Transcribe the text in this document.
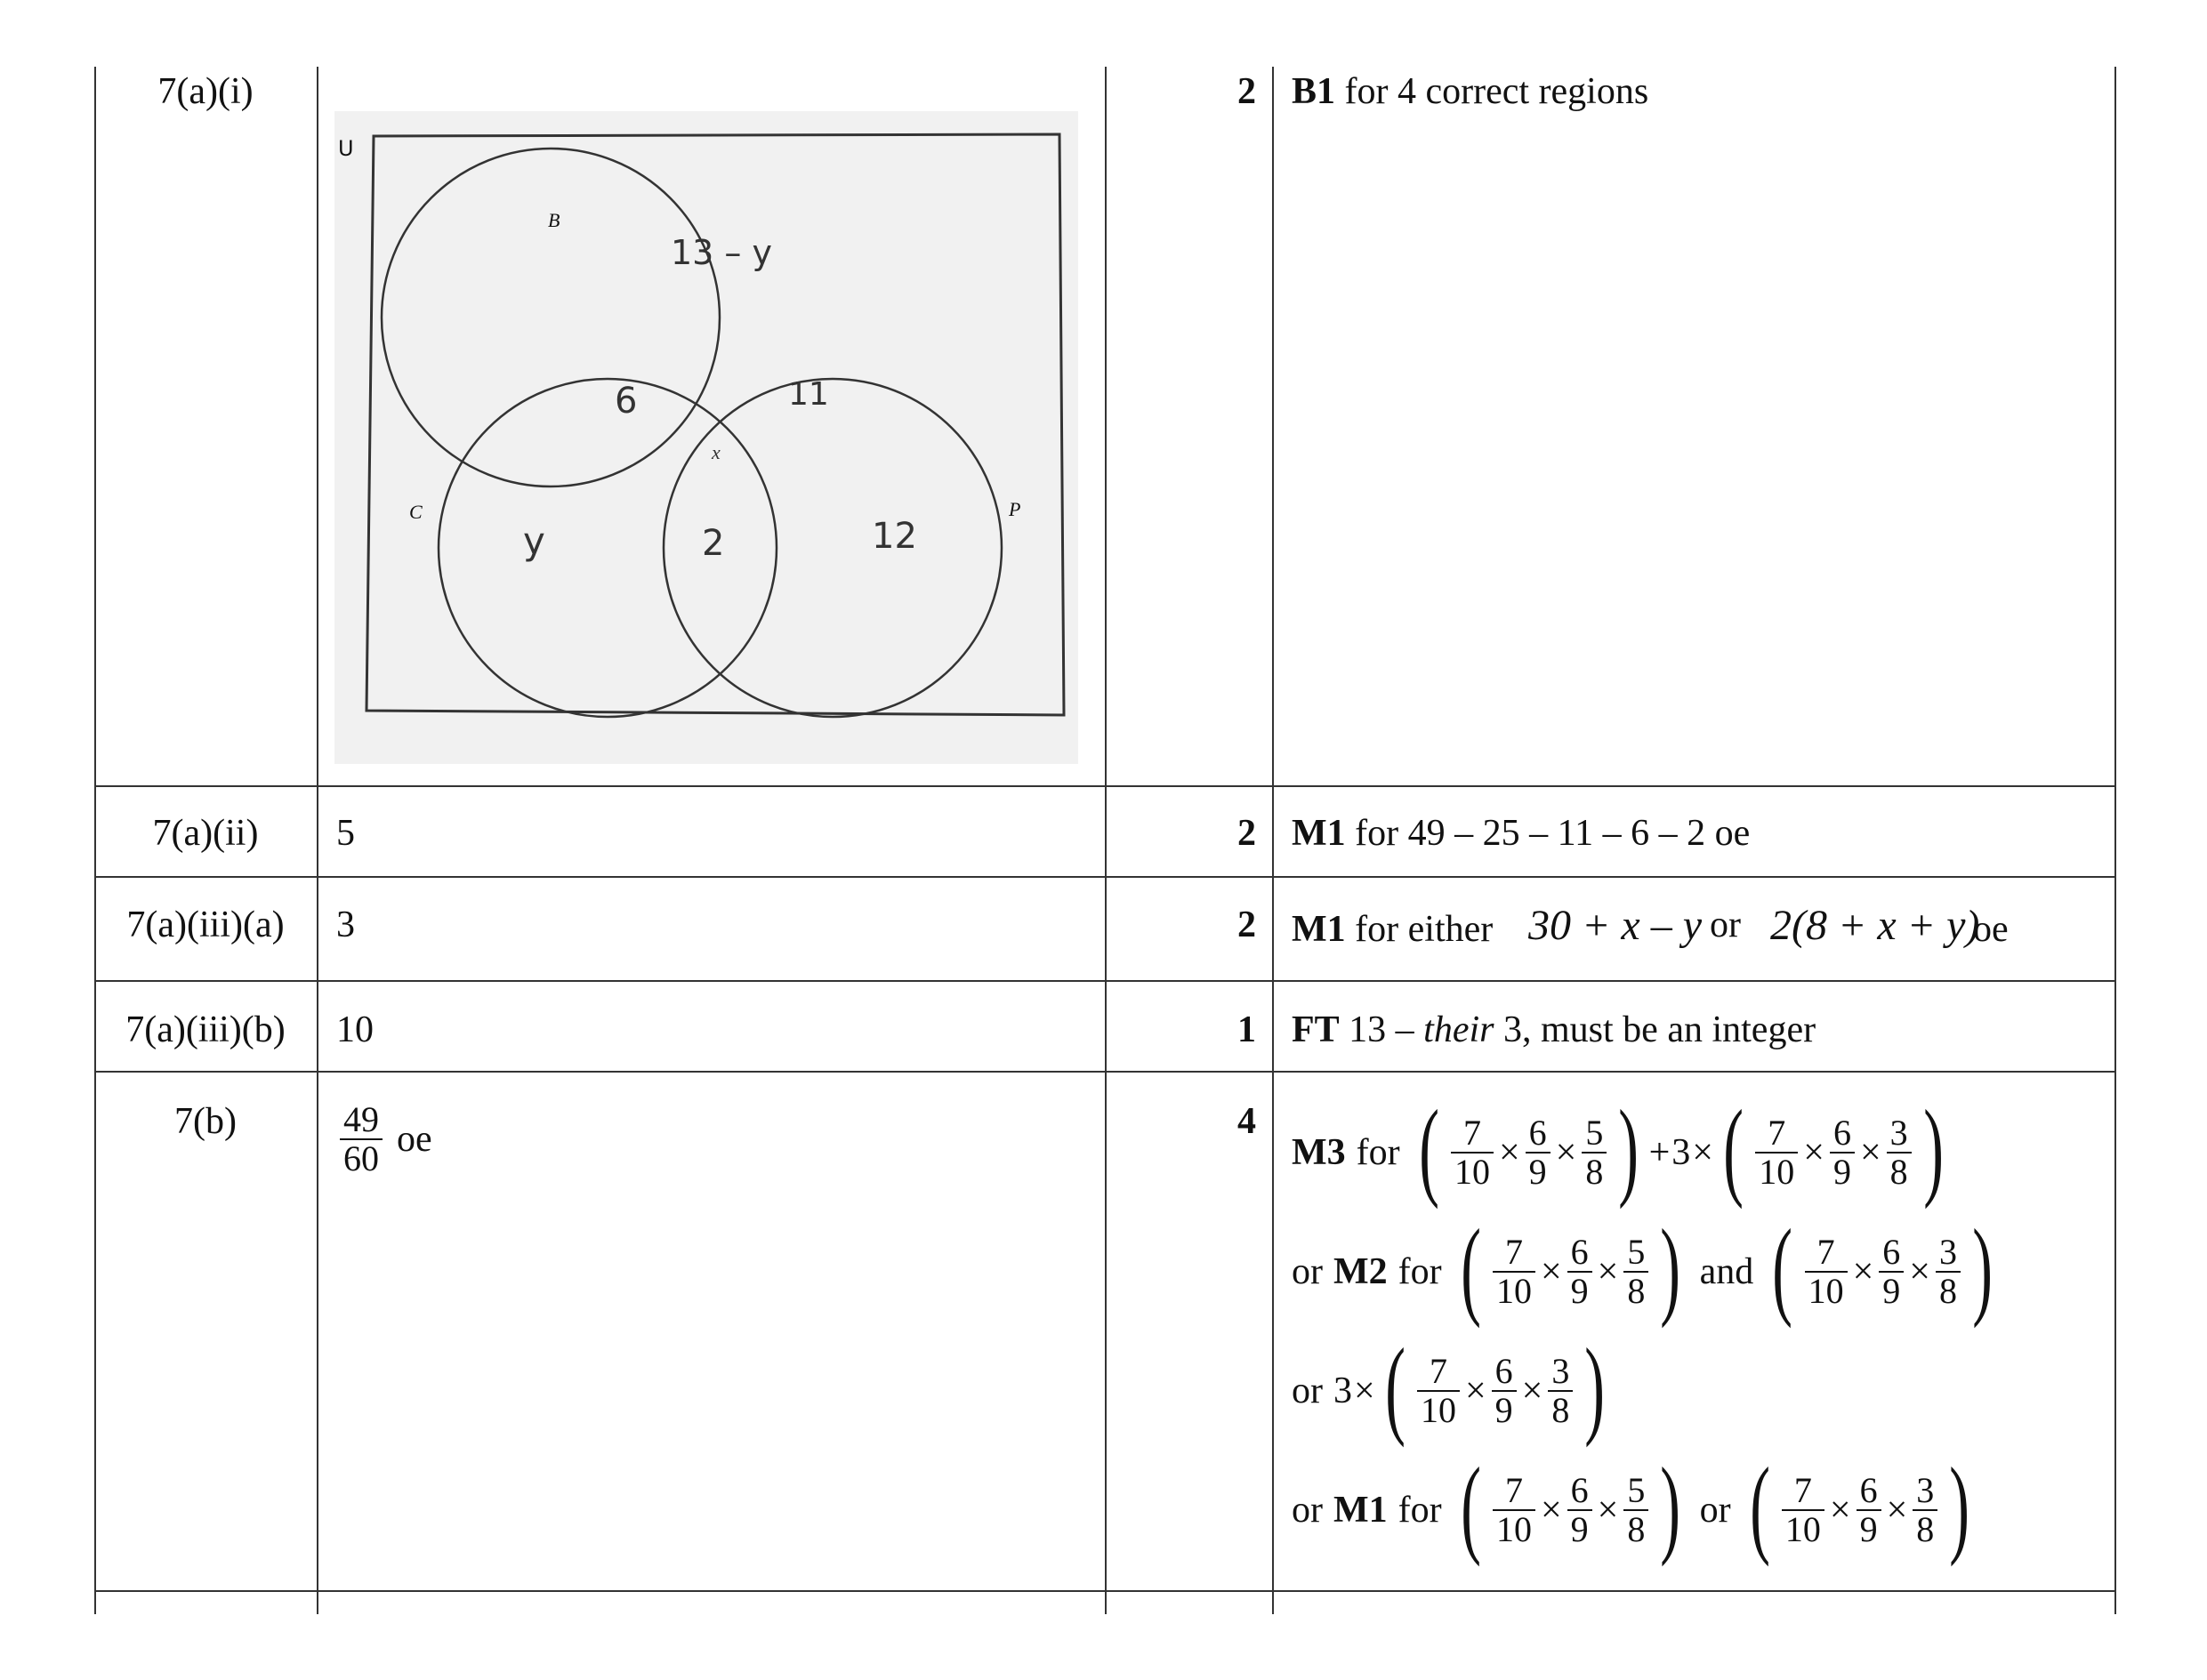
7(a)(i)
U
B
C	P
13 – y
6	11
x
y	2	12
2 B1 for 4 correct regions
7(a)(ii)	5	2 M1 for 49 – 25 – 11 – 6 – 2 oe
7(a)(iii)(a)	3	2 M1 for either 30 + x – y or 2(8 + x + y)
oe
7(a)(iii)(b)	10	1 FT 13 – their 3, must be an integer
7(b)	$\frac{49}{60}$ oe	4
M3 for ( $\frac{7}{10} \times \frac{6}{9} \times \frac{5}{8}$ ) + 3 × ( $\frac{7}{10} \times \frac{6}{9} \times \frac{3}{8}$ )
or M2 for ( $\frac{7}{10} \times \frac{6}{9} \times \frac{5}{8}$ ) and ( $\frac{7}{10} \times \frac{6}{9} \times \frac{3}{8}$ )
or 3 × ( $\frac{7}{10} \times \frac{6}{9} \times \frac{3}{8}$ )
or M1 for ( $\frac{7}{10} \times \frac{6}{9} \times \frac{5}{8}$ ) or ( $\frac{7}{10} \times \frac{6}{9} \times \frac{3}{8}$ )
